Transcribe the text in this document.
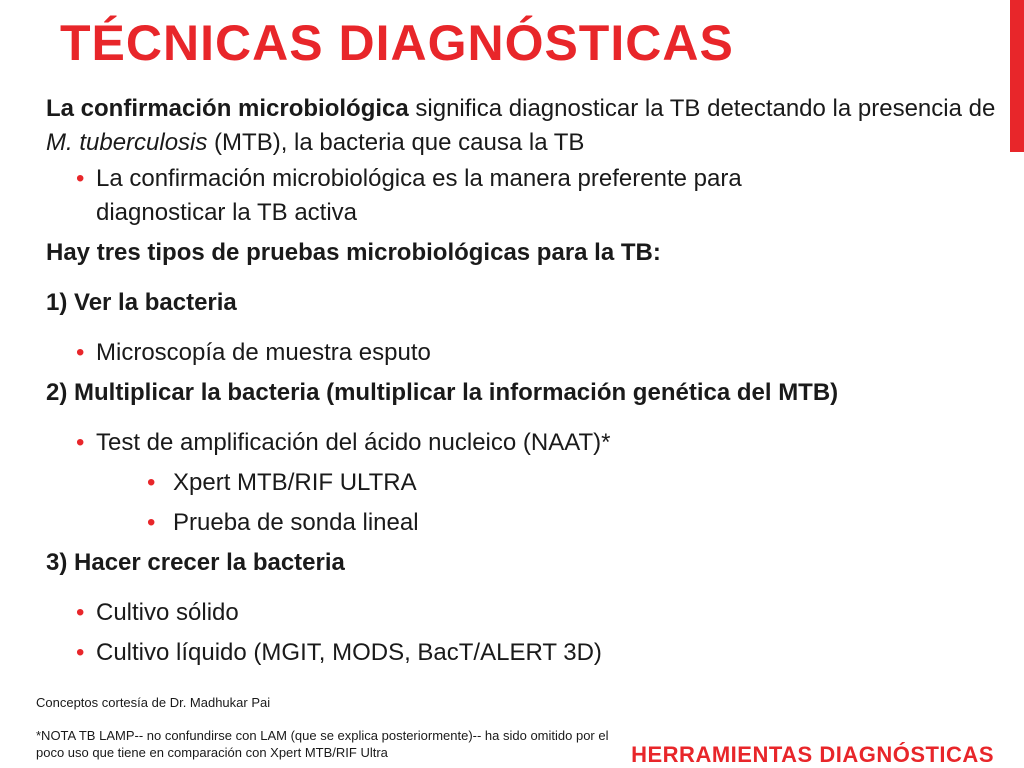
TÉCNICAS DIAGNÓSTICAS

La confirmación microbiológica significa diagnosticar la TB detectando la presencia de M. tuberculosis (MTB), la bacteria que causa la TB

• La confirmación microbiológica es la manera preferente para
diagnosticar la TB activa
Hay tres tipos de pruebas microbiológicas para la TB:
1) Ver la bacteria
• Microscopía de muestra esputo
2) Multiplicar la bacteria (multiplicar la información genética del MTB)
• Test de amplificación del ácido nucleico (NAAT)*
• Xpert MTB/RIF ULTRA
• Prueba de sonda lineal
3) Hacer crecer la bacteria
• Cultivo sólido
• Cultivo líquido (MGIT, MODS, BacT/ALERT 3D)
Conceptos cortesía de Dr. Madhukar Pai
*NOTA TB LAMP-- no confundirse con LAM (que se explica posteriormente)-- ha sido omitido por el
poco uso que tiene en comparación con Xpert MTB/RIF Ultra	HERRAMIENTAS DIAGNÓSTICAS
